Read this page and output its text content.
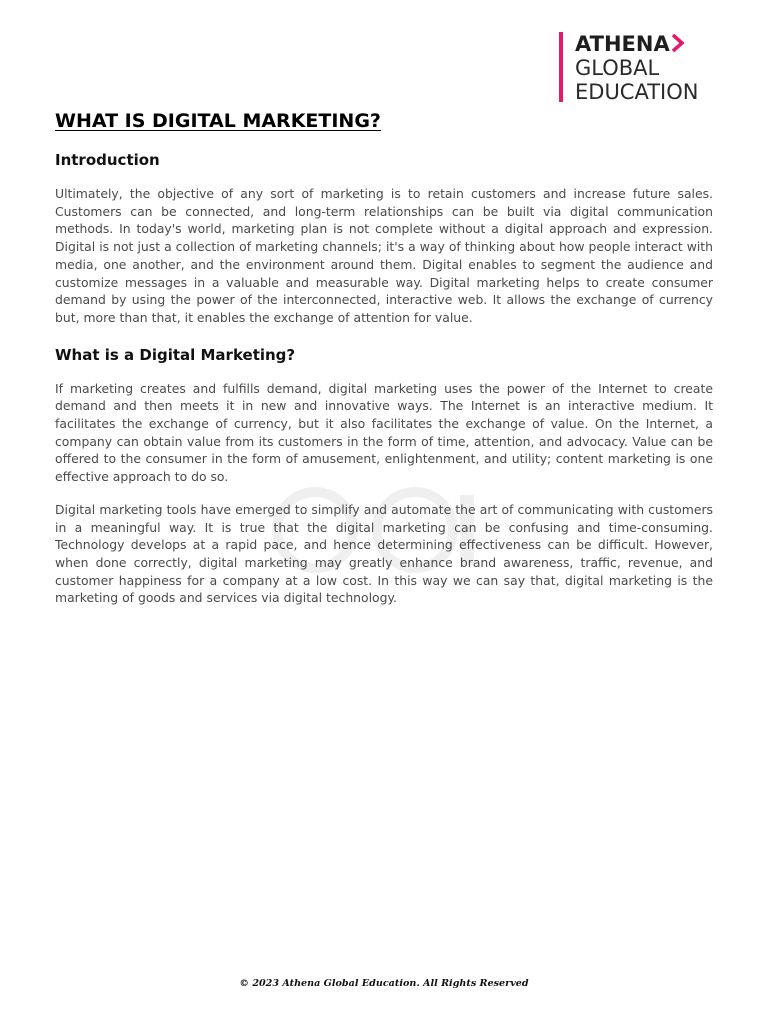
ATHENA
GLOBAL
EDUCATION
WHAT IS DIGITAL MARKETING?
Introduction

Ultimately, the objective of any sort of marketing is to retain customers and increase future sales. Customers can be connected, and long-term relationships can be built via digital communication methods. In today's world, marketing plan is not complete without a digital approach and expression. Digital is not just a collection of marketing channels; it's a way of thinking about how people interact with media, one another, and the environment around them. Digital enables to segment the audience and customize messages in a valuable and measurable way. Digital marketing helps to create consumer demand by using the power of the interconnected, interactive web. It allows the exchange of currency but, more than that, it enables the exchange of attention for value.

What is a Digital Marketing?

If marketing creates and fulfills demand, digital marketing uses the power of the Internet to create demand and then meets it in new and innovative ways. The Internet is an interactive medium. It facilitates the exchange of currency, but it also facilitates the exchange of value. On the Internet, a company can obtain value from its customers in the form of time, attention, and advocacy. Value can be offered to the consumer in the form of amusement, enlightenment, and utility; content marketing is one effective approach to do so.

Digital marketing tools have emerged to simplify and automate the art of communicating with customers in a meaningful way. It is true that the digital marketing can be confusing and time-consuming. Technology develops at a rapid pace, and hence determining effectiveness can be difficult. However, when done correctly, digital marketing may greatly enhance brand awareness, traffic, revenue, and customer happiness for a company at a low cost. In this way we can say that, digital marketing is the marketing of goods and services via digital technology.

© 2023 Athena Global Education. All Rights Reserved
